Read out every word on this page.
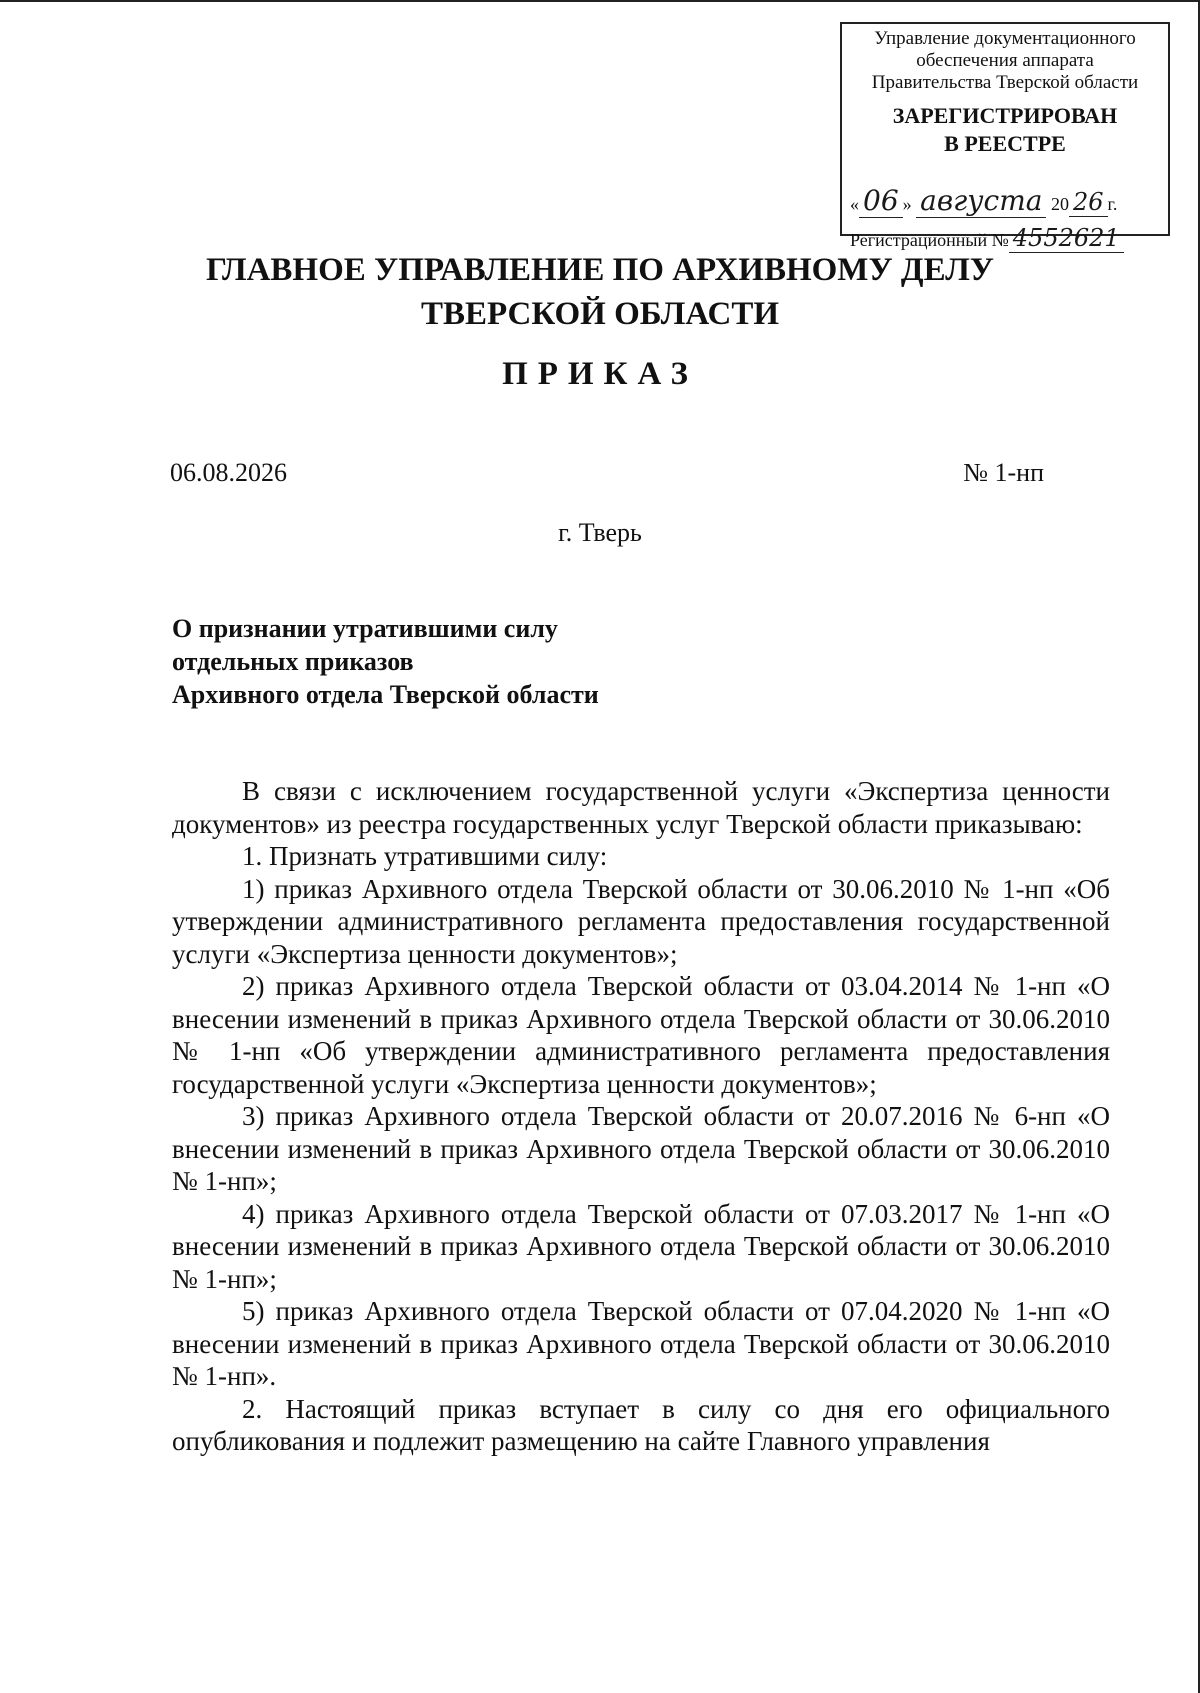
Управление документационного
обеспечения аппарата
Правительства Тверской области
ЗАРЕГИСТРИРОВАН
В РЕЕСТРЕ
« 06 » августа 20 26 г.
Регистрационный № 4552621
ГЛАВНОЕ УПРАВЛЕНИЕ ПО АРХИВНОМУ ДЕЛУ
ТВЕРСКОЙ ОБЛАСТИ
ПРИКАЗ
06.08.2026	№ 1-нп
г. Тверь
О признании утратившими силу
отдельных приказов
Архивного отдела Тверской области

В связи с исключением государственной услуги «Экспертиза ценности документов» из реестра государственных услуг Тверской области приказываю:

1. Признать утратившими силу:

1) приказ Архивного отдела Тверской области от 30.06.2010 № 1-нп «Об утверждении административного регламента предоставления государственной услуги «Экспертиза ценности документов»;

2) приказ Архивного отдела Тверской области от 03.04.2014 № 1-нп «О внесении изменений в приказ Архивного отдела Тверской области от 30.06.2010 № 1-нп «Об утверждении административного регламента предоставления государственной услуги «Экспертиза ценности документов»;

3) приказ Архивного отдела Тверской области от 20.07.2016 № 6-нп «О внесении изменений в приказ Архивного отдела Тверской области от 30.06.2010 № 1-нп»;

4) приказ Архивного отдела Тверской области от 07.03.2017 № 1-нп «О внесении изменений в приказ Архивного отдела Тверской области от 30.06.2010 № 1-нп»;

5) приказ Архивного отдела Тверской области от 07.04.2020 № 1-нп «О внесении изменений в приказ Архивного отдела Тверской области от 30.06.2010 № 1-нп».

2. Настоящий приказ вступает в силу со дня его официального опубликования и подлежит размещению на сайте Главного управления
